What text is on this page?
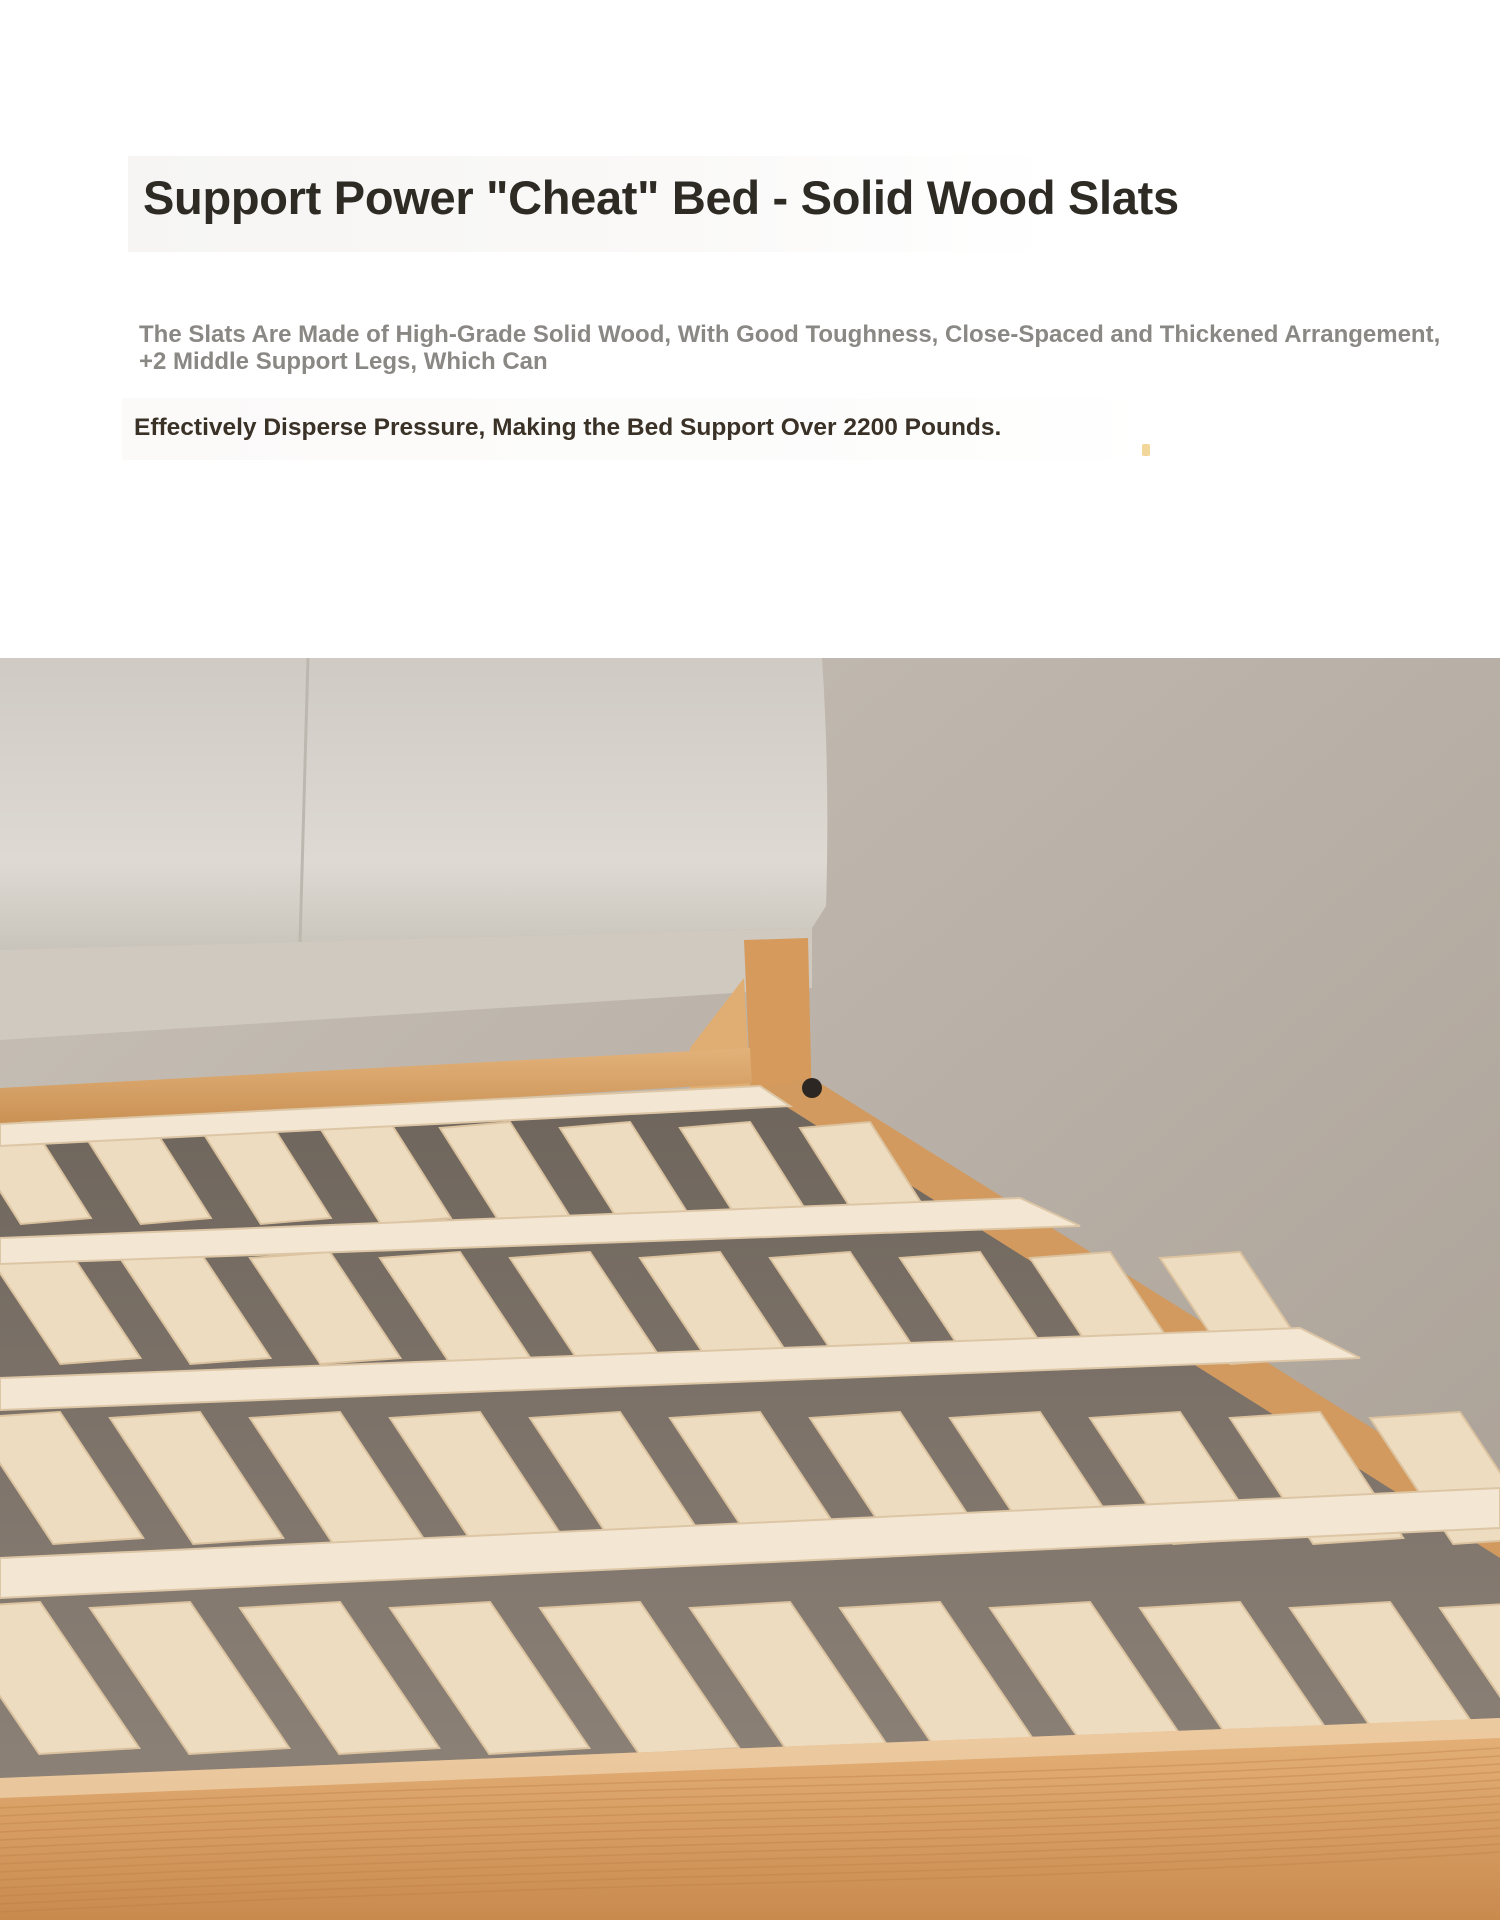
Support Power "Cheat" Bed - Solid Wood Slats

The Slats Are Made of High-Grade Solid Wood, With Good Toughness, Close-Spaced and Thickened Arrangement, +2 Middle Support Legs, Which Can

Effectively Disperse Pressure, Making the Bed Support Over 2200 Pounds.
